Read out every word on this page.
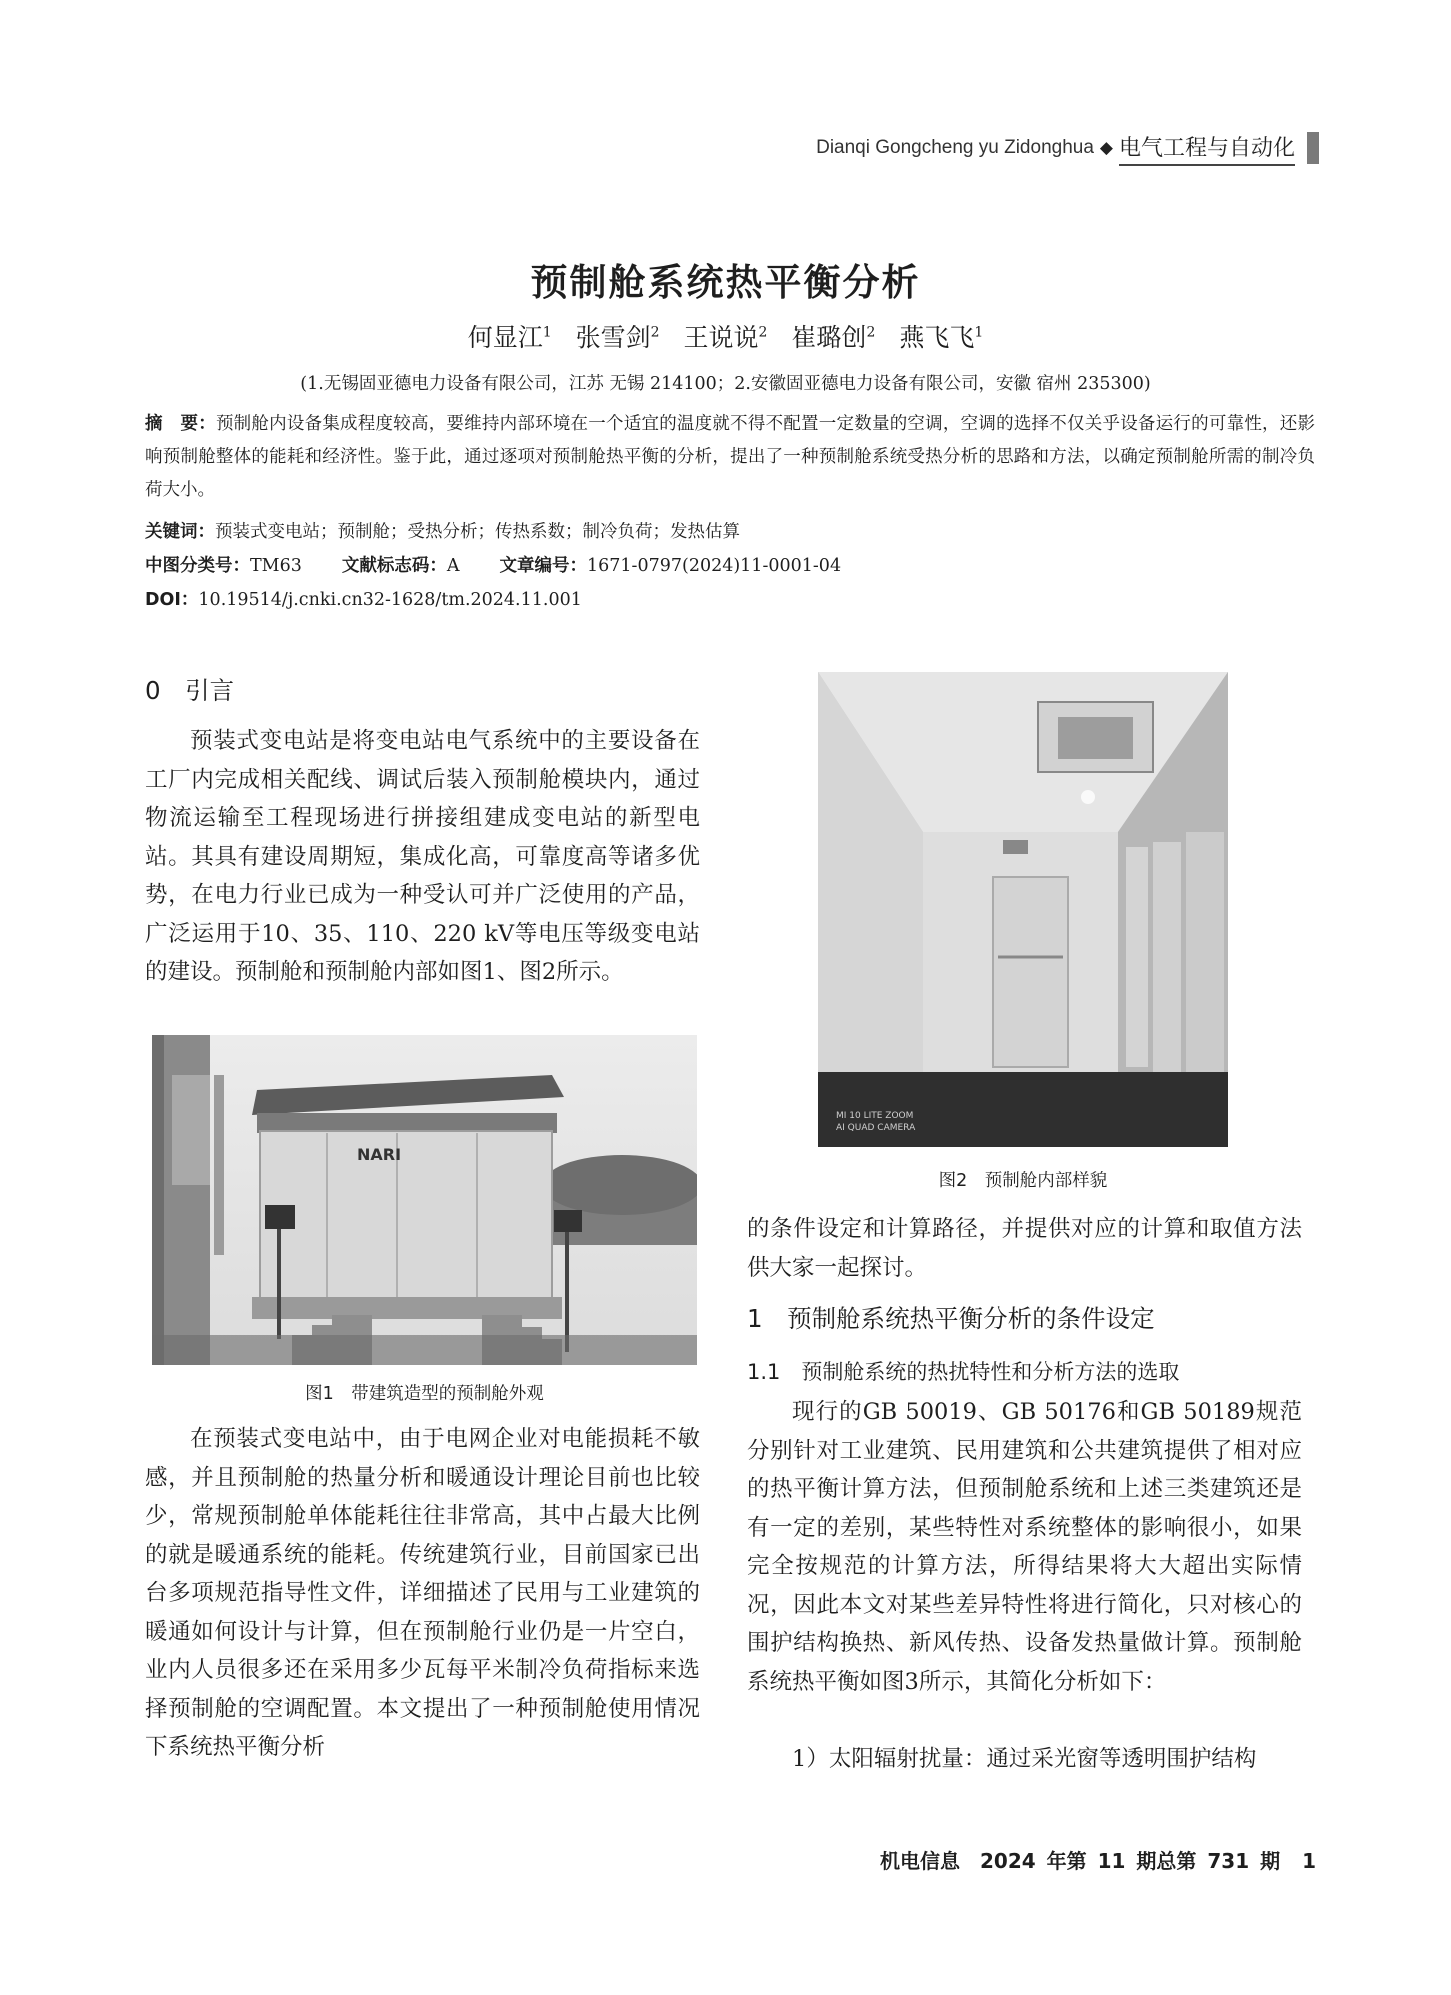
Dianqi Gongcheng yu Zidonghua ◆ 电气工程与自动化
预制舱系统热平衡分析
何显江$^1$ 张雪剑$^2$ 王说说$^2$ 崔璐创$^2$ 燕飞飞$^1$
(1.无锡固亚德电力设备有限公司，江苏 无锡 214100；2.安徽固亚德电力设备有限公司，安徽 宿州 235300)
摘　要：预制舱内设备集成程度较高，要维持内部环境在一个适宜的温度就不得不配置一定数量的空调，空调的选择不仅关乎设备运行的可靠性，还影响预制舱整体的能耗和经济性。鉴于此，通过逐项对预制舱热平衡的分析，提出了一种预制舱系统受热分析的思路和方法，以确定预制舱所需的制冷负荷大小。
关键词：预装式变电站；预制舱；受热分析；传热系数；制冷负荷；发热估算
中图分类号：TM63 文献标志码：A 文章编号：1671-0797(2024)11-0001-04
DOI：10.19514/j.cnki.cn32-1628/tm.2024.11.001
0　引言

预装式变电站是将变电站电气系统中的主要设备在工厂内完成相关配线、调试后装入预制舱模块内，通过物流运输至工程现场进行拼接组建成变电站的新型电站。其具有建设周期短，集成化高，可靠度高等诸多优势，在电力行业已成为一种受认可并广泛使用的产品，广泛运用于10、35、110、220 kV等电压等级变电站的建设。预制舱和预制舱内部如图1、图2所示。

NARI
图1　带建筑造型的预制舱外观

在预装式变电站中，由于电网企业对电能损耗不敏感，并且预制舱的热量分析和暖通设计理论目前也比较少，常规预制舱单体能耗往往非常高，其中占最大比例的就是暖通系统的能耗。传统建筑行业，目前国家已出台多项规范指导性文件，详细描述了民用与工业建筑的暖通如何设计与计算，但在预制舱行业仍是一片空白，业内人员很多还在采用多少瓦每平米制冷负荷指标来选择预制舱的空调配置。本文提出了一种预制舱使用情况下系统热平衡分析

MI 10 LITE ZOOM
AI QUAD CAMERA
图2　预制舱内部样貌

的条件设定和计算路径，并提供对应的计算和取值方法供大家一起探讨。

1　预制舱系统热平衡分析的条件设定
1.1　预制舱系统的热扰特性和分析方法的选取

现行的GB 50019、GB 50176和GB 50189规范分别针对工业建筑、民用建筑和公共建筑提供了相对应的热平衡计算方法，但预制舱系统和上述三类建筑还是有一定的差别，某些特性对系统整体的影响很小，如果完全按规范的计算方法，所得结果将大大超出实际情况，因此本文对某些差异特性将进行简化，只对核心的围护结构换热、新风传热、设备发热量做计算。预制舱系统热平衡如图3所示，其简化分析如下：

1）太阳辐射扰量：通过采光窗等透明围护结构

机电信息　2024 年第 11 期总第 731 期 1
